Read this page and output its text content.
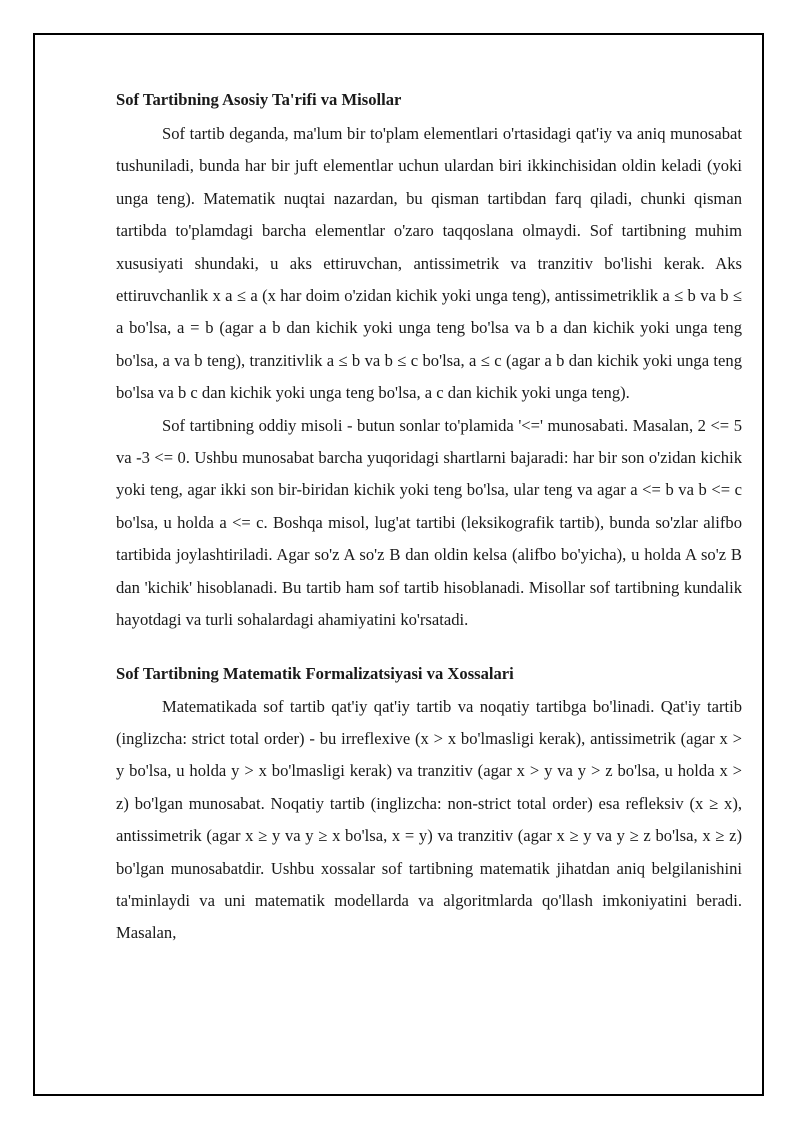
Sof Tartibning Asosiy Ta'rifi va Misollar

Sof tartib deganda, ma'lum bir to'plam elementlari o'rtasidagi qat'iy va aniq munosabat tushuniladi, bunda har bir juft elementlar uchun ulardan biri ikkinchisidan oldin keladi (yoki unga teng). Matematik nuqtai nazardan, bu qisman tartibdan farq qiladi, chunki qisman tartibda to'plamdagi barcha elementlar o'zaro taqqoslana olmaydi. Sof tartibning muhim xususiyati shundaki, u aks ettiruvchan, antissimetrik va tranzitiv bo'lishi kerak. Aks ettiruvchanlik x a ≤ a (x har doim o'zidan kichik yoki unga teng), antissimetriklik a ≤ b va b ≤ a bo'lsa, a = b (agar a b dan kichik yoki unga teng bo'lsa va b a dan kichik yoki unga teng bo'lsa, a va b teng), tranzitivlik a ≤ b va b ≤ c bo'lsa, a ≤ c (agar a b dan kichik yoki unga teng bo'lsa va b c dan kichik yoki unga teng bo'lsa, a c dan kichik yoki unga teng).

Sof tartibning oddiy misoli - butun sonlar to'plamida '<=' munosabati. Masalan, 2 <= 5 va -3 <= 0. Ushbu munosabat barcha yuqoridagi shartlarni bajaradi: har bir son o'zidan kichik yoki teng, agar ikki son bir-biridan kichik yoki teng bo'lsa, ular teng va agar a <= b va b <= c bo'lsa, u holda a <= c. Boshqa misol, lug'at tartibi (leksikografik tartib), bunda so'zlar alifbo tartibida joylashtiriladi. Agar so'z A so'z B dan oldin kelsa (alifbo bo'yicha), u holda A so'z B dan 'kichik' hisoblanadi. Bu tartib ham sof tartib hisoblanadi. Misollar sof tartibning kundalik hayotdagi va turli sohalardagi ahamiyatini ko'rsatadi.

Sof Tartibning Matematik Formalizatsiyasi va Xossalari

Matematikada sof tartib qat'iy qat'iy tartib va noqatiy tartibga bo'linadi. Qat'iy tartib (inglizcha: strict total order) - bu irreflexive (x > x bo'lmasligi kerak), antissimetrik (agar x > y bo'lsa, u holda y > x bo'lmasligi kerak) va tranzitiv (agar x > y va y > z bo'lsa, u holda x > z) bo'lgan munosabat. Noqatiy tartib (inglizcha: non-strict total order) esa refleksiv (x ≥ x), antissimetrik (agar x ≥ y va y ≥ x bo'lsa, x = y) va tranzitiv (agar x ≥ y va y ≥ z bo'lsa, x ≥ z) bo'lgan munosabatdir. Ushbu xossalar sof tartibning matematik jihatdan aniq belgilanishini ta'minlaydi va uni matematik modellarda va algoritmlarda qo'llash imkoniyatini beradi. Masalan,
